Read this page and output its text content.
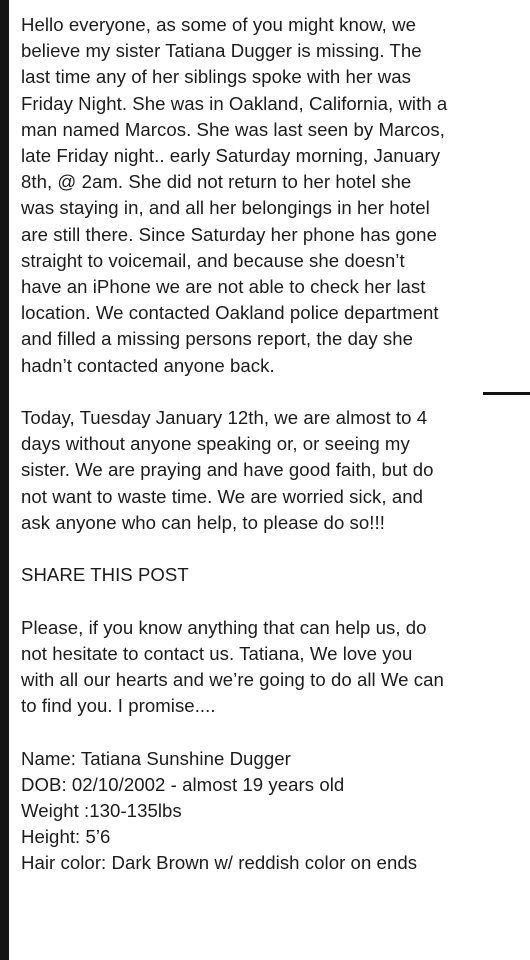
Hello everyone, as some of you might know, we
believe my sister Tatiana Dugger is missing. The
last time any of her siblings spoke with her was
Friday Night. She was in Oakland, California, with a
man named Marcos. She was last seen by Marcos,
late Friday night.. early Saturday morning, January
8th, @ 2am. She did not return to her hotel she
was staying in, and all her belongings in her hotel
are still there. Since Saturday her phone has gone
straight to voicemail, and because she doesn’t
have an iPhone we are not able to check her last
location. We contacted Oakland police department
and filled a missing persons report, the day she
hadn’t contacted anyone back.
Today, Tuesday January 12th, we are almost to 4
days without anyone speaking or, or seeing my
sister. We are praying and have good faith, but do
not want to waste time. We are worried sick, and
ask anyone who can help, to please do so!!!
SHARE THIS POST
Please, if you know anything that can help us, do
not hesitate to contact us. Tatiana, We love you
with all our hearts and we’re going to do all We can
to find you. I promise....
Name: Tatiana Sunshine Dugger
DOB: 02/10/2002 - almost 19 years old
Weight :130-135lbs
Height: 5’6
Hair color: Dark Brown w/ reddish color on ends
